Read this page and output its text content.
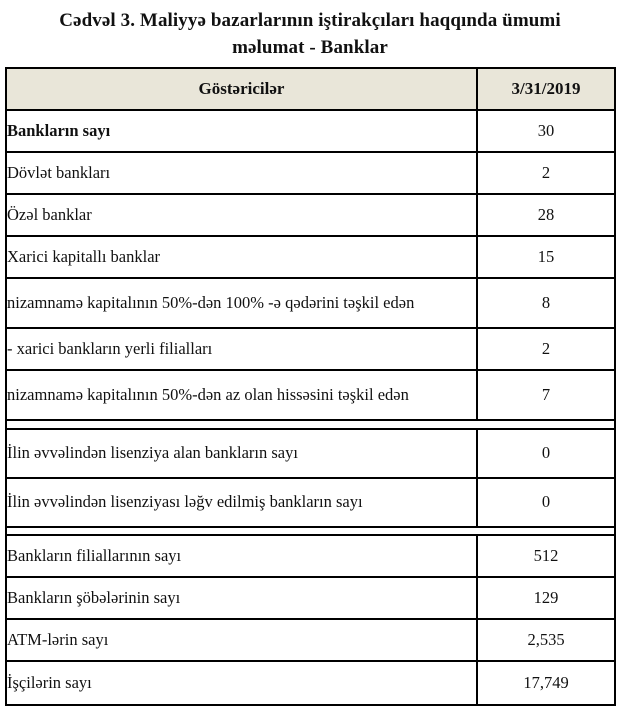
Cədvəl 3. Maliyyə bazarlarının iştirakçıları haqqında ümumi məlumat - Banklar
Göstəricilər	3/31/2019
Bankların sayı	30
Dövlət bankları	2
Özəl banklar	28
Xarici kapitallı banklar	15
nizamnamə kapitalının 50%-dən 100% -ə qədərini təşkil edən	8
- xarici bankların yerli filialları	2
nizamnamə kapitalının 50%-dən az olan hissəsini təşkil edən	7
İlin əvvəlindən lisenziya alan bankların sayı	0
İlin əvvəlindən lisenziyası ləğv edilmiş bankların sayı	0
Bankların filiallarının sayı	512
Bankların şöbələrinin sayı	129
ATM-lərin sayı	2,535
İşçilərin sayı	17,749
